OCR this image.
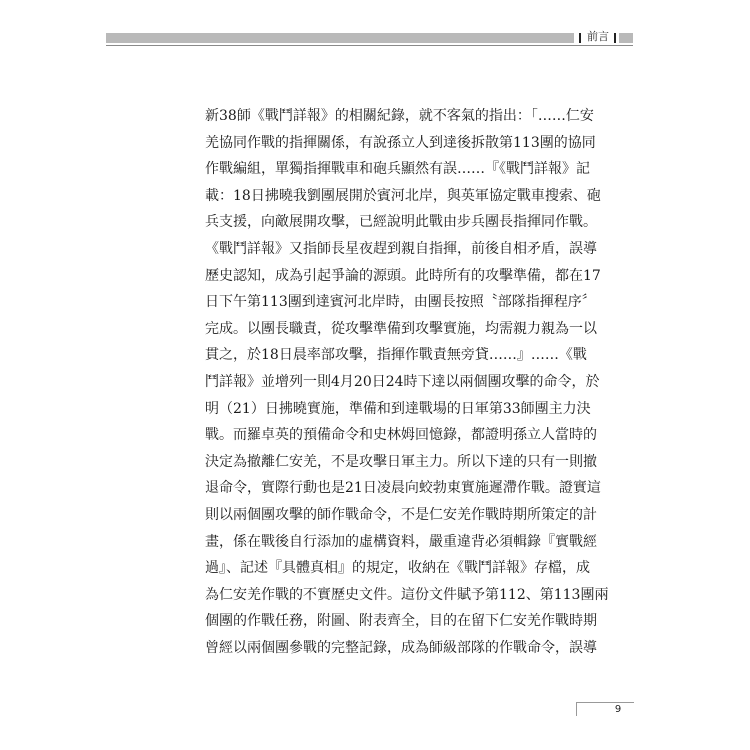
前言
新38師《戰鬥詳報》的相關紀錄，就不客氣的指出：「……仁安
羌協同作戰的指揮關係，有說孫立人到達後拆散第113團的協同
作戰編組，單獨指揮戰車和砲兵顯然有誤……『《戰鬥詳報》記
載：18日拂曉我劉團展開於賓河北岸，與英軍協定戰車搜索、砲
兵支援，向敵展開攻擊，已經說明此戰由步兵團長指揮同作戰。
《戰鬥詳報》又指師長星夜趕到親自指揮，前後自相矛盾，誤導
歷史認知，成為引起爭論的源頭。此時所有的攻擊準備，都在17
日下午第113團到達賓河北岸時，由團長按照〝部隊指揮程序〞
完成。以團長職責，從攻擊準備到攻擊實施，均需親力親為一以
貫之，於18日晨率部攻擊，指揮作戰責無旁貸……』……《戰
鬥詳報》並增列一則4月20日24時下達以兩個團攻擊的命令，於
明（21）日拂曉實施，準備和到達戰場的日軍第33師團主力決
戰。而羅卓英的預備命令和史林姆回憶錄，都證明孫立人當時的
決定為撤離仁安羌，不是攻擊日軍主力。所以下達的只有一則撤
退命令，實際行動也是21日凌晨向蛟勃東實施遲滯作戰。證實這
則以兩個團攻擊的師作戰命令，不是仁安羌作戰時期所策定的計
畫，係在戰後自行添加的虛構資料，嚴重違背必須輯錄『實戰經
過』、記述『具體真相』的規定，收納在《戰鬥詳報》存檔，成
為仁安羌作戰的不實歷史文件。這份文件賦予第112、第113團兩
個團的作戰任務，附圖、附表齊全，目的在留下仁安羌作戰時期
曾經以兩個團參戰的完整記錄，成為師級部隊的作戰命令，誤導
9
